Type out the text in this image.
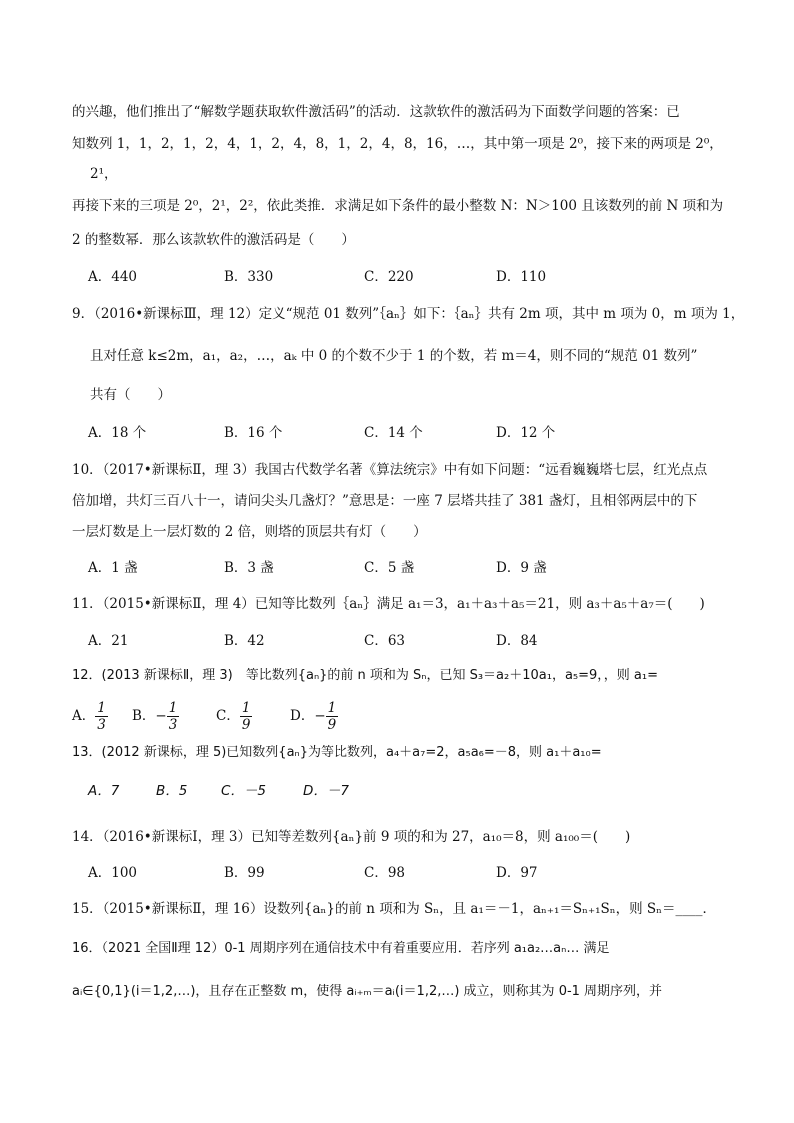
的兴趣，他们推出了“解数学题获取软件激活码”的活动．这款软件的激活码为下面数学问题的答案：已
知数列 1，1，2，1，2，4，1，2，4，8，1，2，4，8，16，…，其中第一项是 2⁰，接下来的两项是 2⁰，
2¹，
再接下来的三项是 2⁰，2¹，2²，依此类推．求满足如下条件的最小整数 N：N＞100 且该数列的前 N 项和为
2 的整数幂．那么该款软件的激活码是（　　）
A．440	B．330	C．220	D．110
9．（2016•新课标Ⅲ，理 12）定义“规范 01 数列”｛aₙ｝如下：｛aₙ｝共有 2m 项，其中 m 项为 0，m 项为 1，
且对任意 k≤2m，a₁，a₂，…，aₖ 中 0 的个数不少于 1 的个数，若 m＝4，则不同的“规范 01 数列”
共有（　　）
A．18 个	B．16 个	C．14 个	D．12 个
10．（2017•新课标Ⅱ，理 3）我国古代数学名著《算法统宗》中有如下问题：“远看巍巍塔七层，红光点点
倍加增，共灯三百八十一，请问尖头几盏灯？”意思是：一座 7 层塔共挂了 381 盏灯，且相邻两层中的下
一层灯数是上一层灯数的 2 倍，则塔的顶层共有灯（　　）
A．1 盏	B．3 盏	C．5 盏	D．9 盏
11．（2015•新课标Ⅱ，理 4）已知等比数列｛aₙ｝满足 a₁＝3，a₁＋a₃＋a₅＝21，则 a₃＋a₅＋a₇＝(　　)
A．21	B．42	C．63	D．84
12．(2013 新课标Ⅱ，理 3)　等比数列{aₙ}的前 n 项和为 Sₙ，已知 S₃＝a₂＋10a₁，a₅=9，，则 a₁=
A． $\frac{1}{3}$ B．− $\frac{1}{3}$	C． $\frac{1}{9}$	D．− $\frac{1}{9}$
13．(2012 新课标，理 5)已知数列{aₙ}为等比数列，a₄＋a₇=2，a₅a₆=－8，则 a₁＋a₁₀=
A．7	B．5 C．－5	D．－7
14．（2016•新课标Ⅰ，理 3）已知等差数列{aₙ}前 9 项的和为 27，a₁₀＝8，则 a₁₀₀＝(　　)
A．100	B．99	C．98	D．97
15．（2015•新课标Ⅱ，理 16）设数列{aₙ}的前 n 项和为 Sₙ，且 a₁＝－1，aₙ₊₁＝Sₙ₊₁Sₙ，则 Sₙ＝____．
16．（2021 全国Ⅱ理 12）0-1 周期序列在通信技术中有着重要应用．若序列 a₁a₂…aₙ… 满足
aᵢ∈{0,1}(i＝1,2,…)，且存在正整数 m，使得 aᵢ₊ₘ＝aᵢ(i＝1,2,…) 成立，则称其为 0-1 周期序列，并
